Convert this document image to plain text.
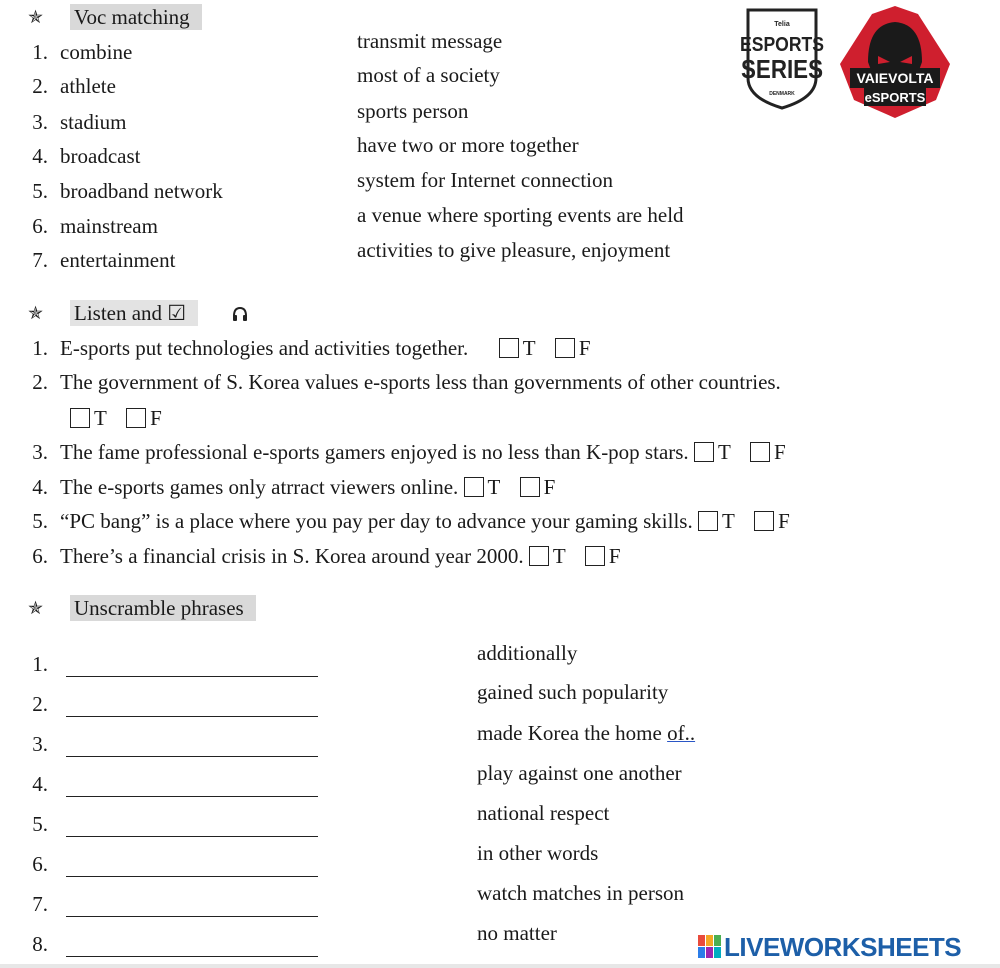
✯ Voc matching
1. combine
2. athlete
3. stadium
4. broadcast
5. broadband network
6. mainstream
7. entertainment
transmit message
most of a society
sports person
have two or more together
system for Internet connection
a venue where sporting events are held
activities to give pleasure, enjoyment
Telia
ESPORTS
SERIES
DENMARK
VAIEVOLTA
eSPORTS
✯ Listen and ☑
1. E-sports put technologies and activities together.	T F
2. The government of S. Korea values e-sports less than governments of other countries.
T F
3. The fame professional e-sports gamers enjoyed is no less than K-pop stars. T F
4. The e-sports games only atrract viewers online. T F
5. “PC bang” is a place where you pay per day to advance your gaming skills. T F
6. There’s a financial crisis in S. Korea around year 2000. T F
✯ Unscramble phrases
1.
2.
3.
4.
5.
6.
7.
8.
additionally
gained such popularity
made Korea the home of..
play against one another
national respect
in other words
watch matches in person
no matter	LIVEWORKSHEETS
